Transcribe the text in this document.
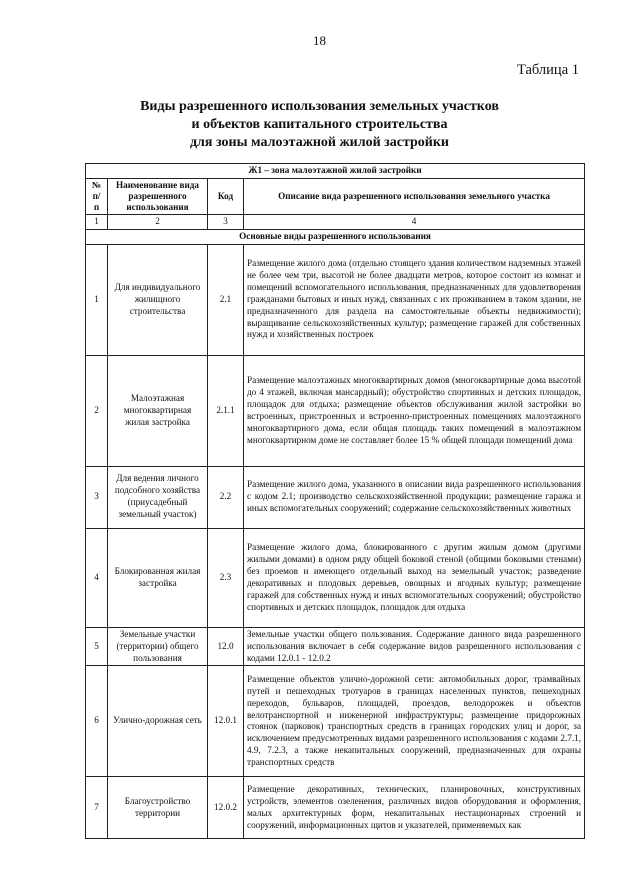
18
Таблица 1
Виды разрешенного использования земельных участков
и объектов капитального строительства
для зоны малоэтажной жилой застройки
Ж1 – зона малоэтажной жилой застройки			
№ п/ п	Наименование вида разрешенного использования	Код	Описание вида разрешенного использования земельного участка
1	2	3	4
Основные виды разрешенного использования			
1	Для индивидуального жилищного строительства	2.1	Размещение жилого дома (отдельно стоящего здания количеством надземных этажей не более чем три, высотой не более двадцати метров, которое состоит из комнат и помещений вспомогательного использования, предназначенных для удовлетворения гражданами бытовых и иных нужд, связанных с их проживанием в таком здании, не предназначенного для раздела на самостоятельные объекты недвижимости); выращивание сельскохозяйственных культур; размещение гаражей для собственных нужд и хозяйственных построек
2	Малоэтажная многоквартирная жилая застройка	2.1.1	Размещение малоэтажных многоквартирных домов (многоквартирные дома высотой до 4 этажей, включая мансардный); обустройство спортивных и детских площадок, площадок для отдыха; размещение объектов обслуживания жилой застройки во встроенных, пристроенных и встроенно-пристроенных помещениях малоэтажного многоквартирного дома, если общая площадь таких помещений в малоэтажном многоквартирном доме не составляет более 15 % общей площади помещений дома
3	Для ведения личного подсобного хозяйства (приусадебный земельный участок)	2.2	Размещение жилого дома, указанного в описании вида разрешенного использования с кодом 2.1; производство сельскохозяйственной продукции; размещение гаража и иных вспомогательных сооружений; содержание сельскохозяйственных животных
4	Блокированная жилая застройка	2.3	Размещение жилого дома, блокированного с другим жилым домом (другими жилыми домами) в одном ряду общей боковой стеной (общими боковыми стенами) без проемов и имеющего отдельный выход на земельный участок; разведение декоративных и плодовых деревьев, овощных и ягодных культур; размещение гаражей для собственных нужд и иных вспомогательных сооружений; обустройство спортивных и детских площадок, площадок для отдыха
5	Земельные участки (территории) общего пользования	12.0	Земельные участки общего пользования. Содержание данного вида разрешенного использования включает в себя содержание видов разрешенного использования с кодами 12.0.1 - 12.0.2
6	Улично-дорожная сеть	12.0.1	Размещение объектов улично-дорожной сети: автомобильных дорог, трамвайных путей и пешеходных тротуаров в границах населенных пунктов, пешеходных переходов, бульваров, площадей, проездов, велодорожек и объектов велотранспортной и инженерной инфраструктуры; размещение придорожных стоянок (парковок) транспортных средств в границах городских улиц и дорог, за исключением предусмотренных видами разрешенного использования с кодами 2.7.1, 4.9, 7.2.3, а также некапитальных сооружений, предназначенных для охраны транспортных средств
7	Благоустройство территории	12.0.2	Размещение декоративных, технических, планировочных, конструктивных устройств, элементов озеленения, различных видов оборудования и оформления, малых архитектурных форм, некапитальных нестационарных строений и сооружений, информационных щитов и указателей, применяемых как
